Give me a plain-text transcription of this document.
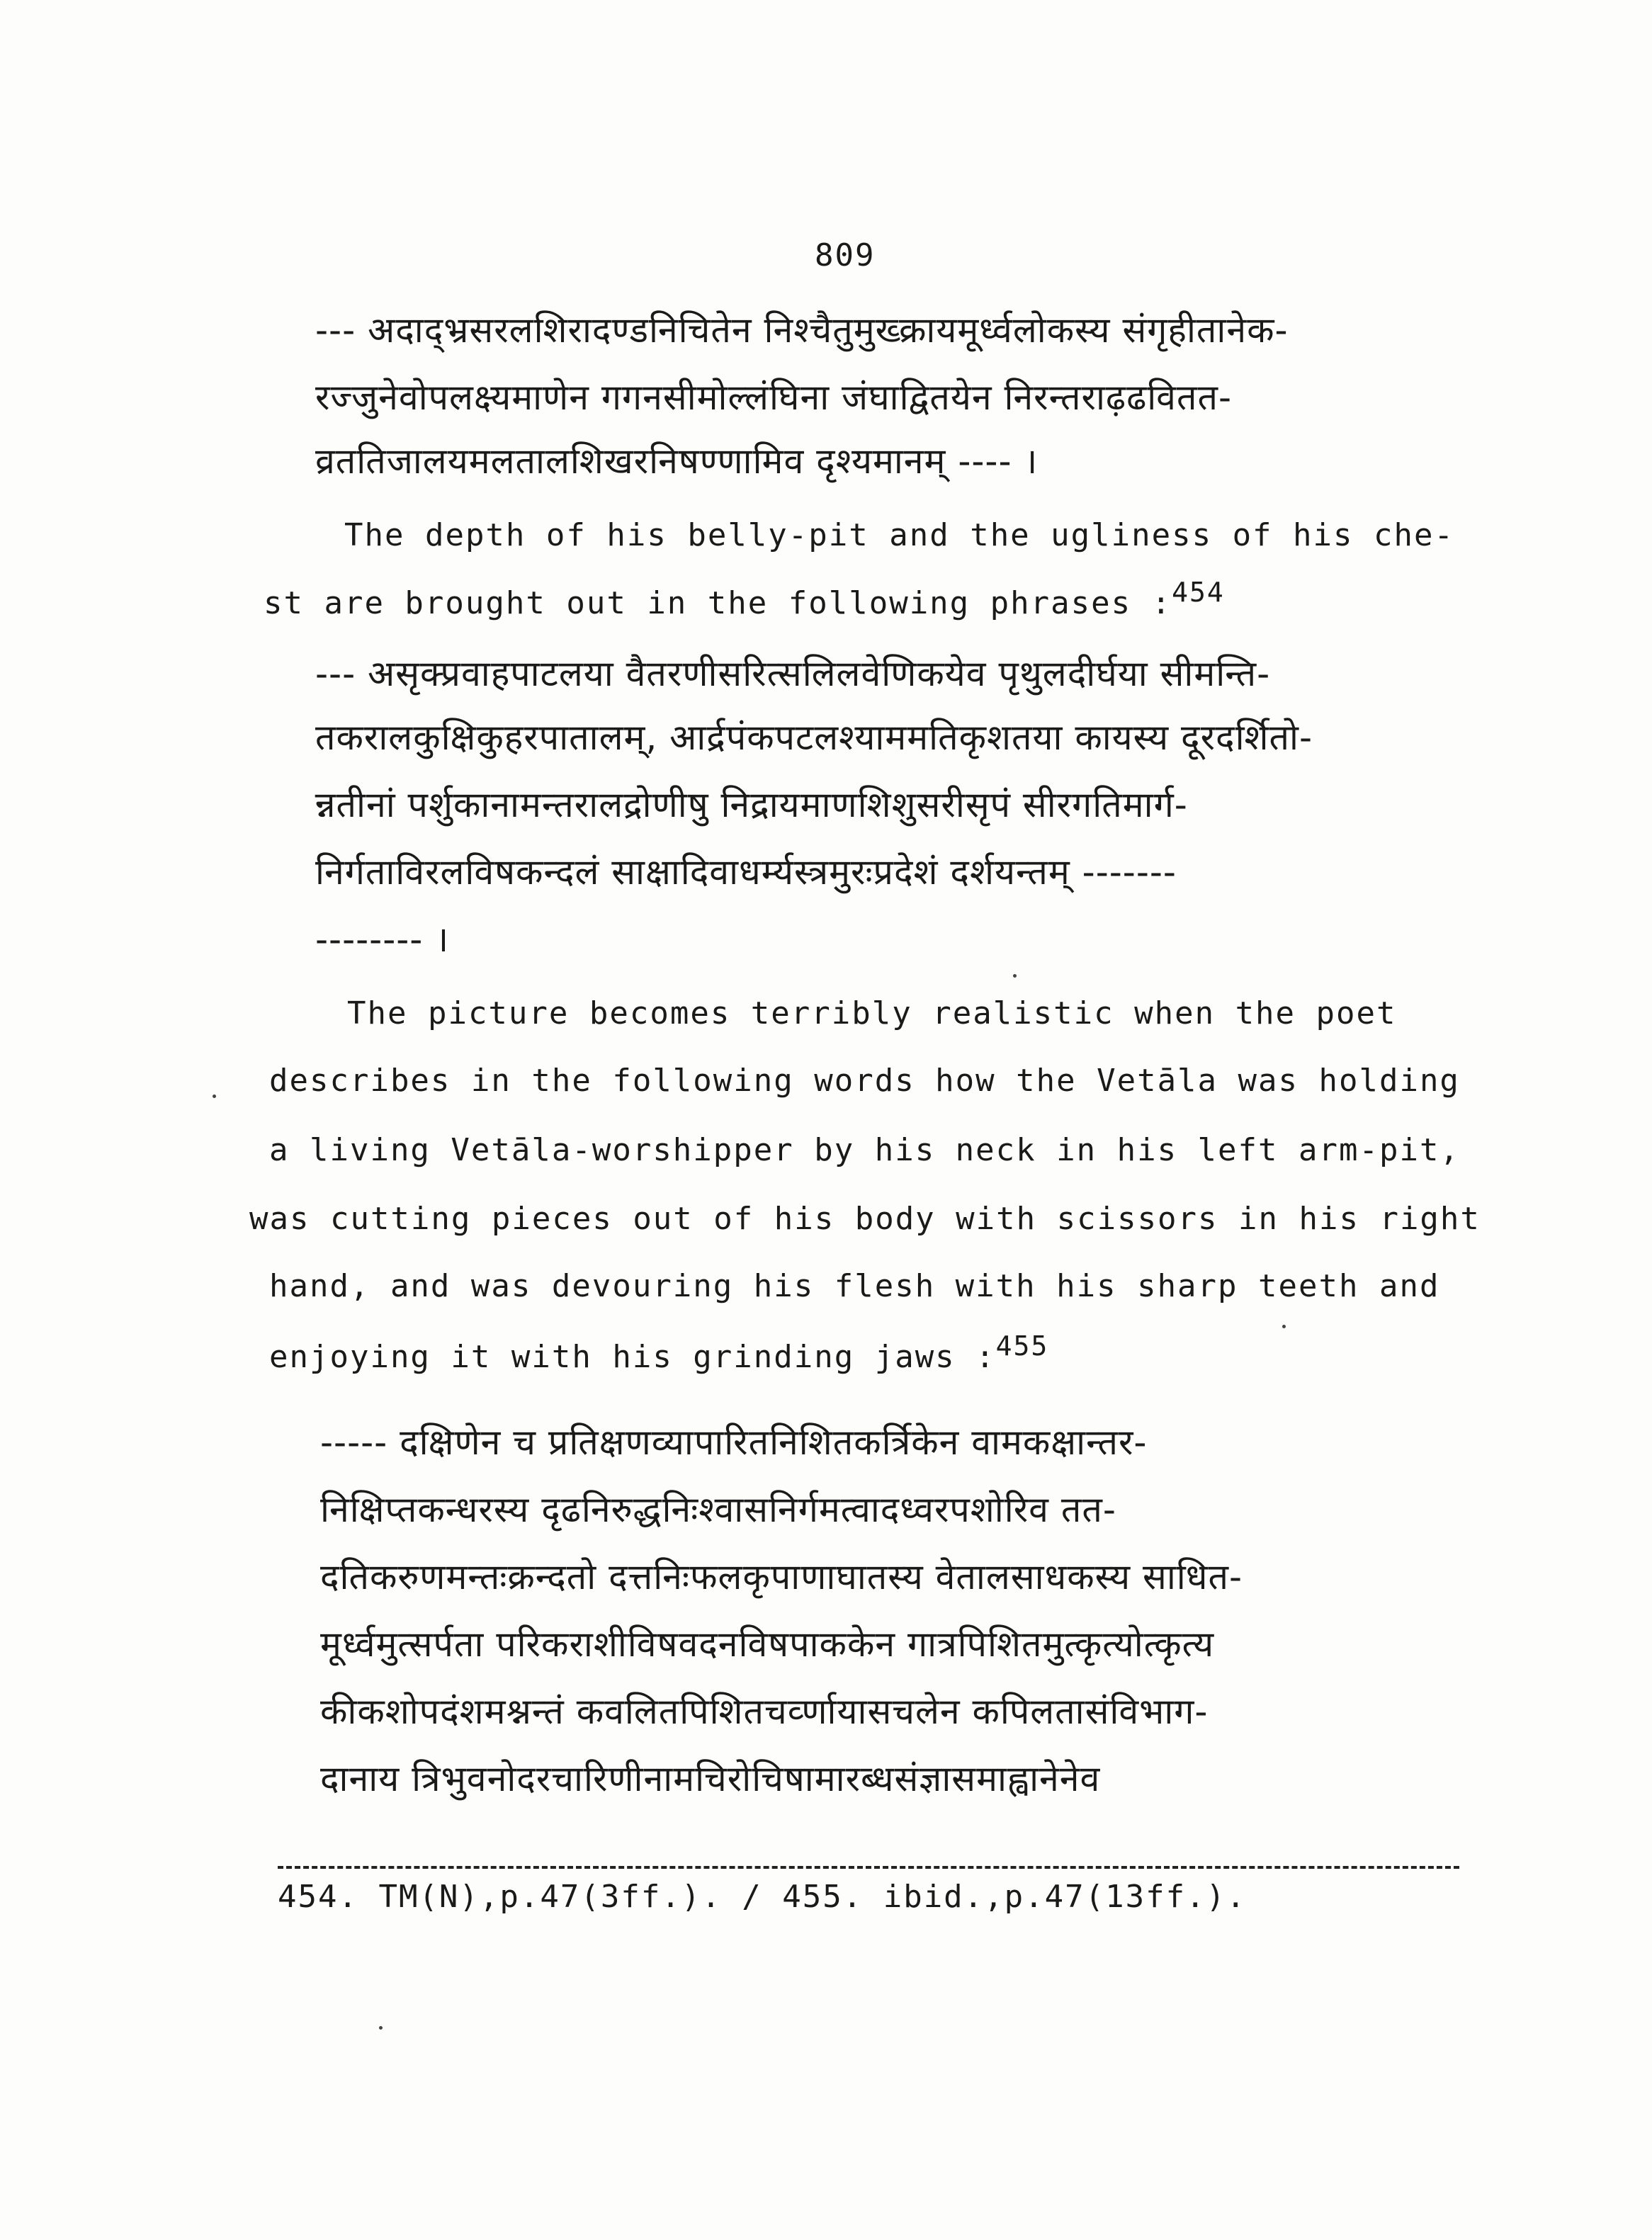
809
--- अदाद्भ्रसरलशिरादण्डनिचितेन निश्चैतुमुख्क्रायमूर्ध्वलोकस्य संगृहीतानेक-
रज्जुनेवोपलक्ष्यमाणेन गगनसीमोल्लंघिना जंघाद्वितयेन निरन्तराढ़ढवितत-
व्रततिजालयमलतालशिखरनिषण्णामिव दृश्यमानम् ---- ।
The depth of his belly-pit and the ugliness of his che-
st are brought out in the following phrases :$^{454}$
--- असृक्प्रवाहपाटलया वैतरणीसरित्सलिलवेणिकयेव पृथुलदीर्घया सीमन्ति-
तकरालकुक्षिकुहरपातालम्, आर्द्रपंकपटलश्याममतिकृशतया कायस्य दूरदर्शितो-
न्नतीनां पर्शुकानामन्तरालद्रोणीषु निद्रायमाणशिशुसरीसृपं सीरगतिमार्ग-
निर्गताविरलविषकन्दलं साक्षादिवाधर्म्यस्त्रमुरःप्रदेशं दर्शयन्तम् -------
-------- ।
The picture becomes terribly realistic when the poet
describes in the following words how the Vetāla was holding
a living Vetāla-worshipper by his neck in his left arm-pit,
was cutting pieces out of his body with scissors in his right
hand, and was devouring his flesh with his sharp teeth and
enjoying it with his grinding jaws :$^{455}$
----- दक्षिणेन च प्रतिक्षणव्यापारितनिशितकर्त्रिकेन वामकक्षान्तर-
निक्षिप्तकन्धरस्य दृढनिरुद्धनिःश्वासनिर्गमत्वादध्वरपशोरिव तत-
दतिकरुणमन्तःक्रन्दतो दत्तनिःफलकृपाणाघातस्य वेतालसाधकस्य साधित-
मूर्ध्वमुत्सर्पता परिकराशीविषवदनविषपाककेन गात्रपिशितमुत्कृत्योत्कृत्य
कीकशोपदंशमश्नन्तं कवलितपिशितचर्व्णायासचलेन कपिलतासंविभाग-
दानाय त्रिभुवनोदरचारिणीनामचिरोचिषामारब्धसंज्ञासमाह्वानेनेव
454. TM(N),p.47(3ff.). / 455. ibid.,p.47(13ff.).
